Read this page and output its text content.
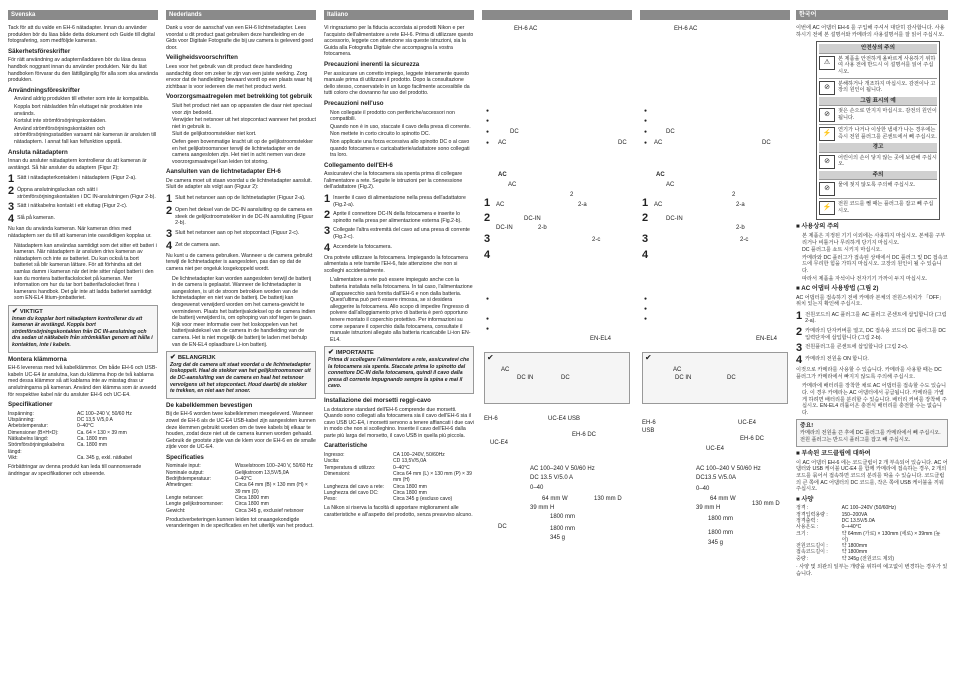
Svenska

Tack för att du valde en EH-6 nätadapter. Innan du använder produkten bör du läsa både detta dokument och Guide till digital fotografering, som medföljde kameran.

Säkerhetsföreskrifter

För rätt användning av adaptern/laddaren bör du läsa dessa handbok noggrant innan du använder produkten. När du läst handboken förvarar du den lättillgänglig för alla som ska använda produkten.

Användningsföreskrifter
• Använd aldrig produkten till etheter som inte är kompatibla.
• Koppla bort nätsladden från eluttaget när produkten inte används.
• Kortslut inte strömförsörjningskontakten.
• Använd strömförsörjningskontakten och strömförsörjningsstadden varsamt när kameran är ansluten till nätadaptern. I annat fall kan felfunktion uppstå.
Ansluta nätadaptern

Innan du ansluter nätadaptern kontrollerar du att kameran är avstängd. Så här ansluter du adaptern (Figur 2):

1 Sätt i nätadapterkontakten i nätadaptern (Figur 2-a).
2 Öppna anslutningsluckan och sätt i strömförsörjningskontakten i DC IN-anslutningen (Figur 2-b).
3 Sätt i nätkabelns kontakt i ett eluttag (Figur 2-c).
4 Slå på kameran.

Nu kan du använda kameran. När kameran drivs med nätadaptern ser du till att kameran inte oavsiktligen kopplas ur.

• Nätadaptern kan användas samtidigt som det sitter ett batteri i kameran. När nätadaptern är ansluten drivs kameran av nätadaptern och inte av batteriet. Du kan också ta bort batteriet så blir kameran lättare. För att förhindra att det samlas damm i kameran när det inte sitter något batteri i den kan du montera batterifackslocket på kameran. Mer information om hur du tar bort batterifackslocket finns i kamerans handbok. Det går inte att ladda batteriet samtidigt som EN-EL4 litium-jonbatteriet.
✔ VIKTIGT
Innan du kopplar bort nätadaptern kontrollerar du att kameran är avstängd. Koppla bort strömförsörjningskontakten från DC IN-anslutning och dra sedan ut nätkabeln från strömkällan genom att hålla i kontakten, inte i kabeln.
Montera klämmorna

EH-6 levereras med två kabelklämmor. Om både EH-6 och USB-kabeln UC-E4 är anslutna, kan du klämma ihop de två kablarna med dessa klämmor så att kablarna inte av misstag dras ur anslutningarna på kameran. Använd den klämma som är avsedd för respektive kabel när du ansluter EH-6 och UC-E4.

Specifikationer
Inspänning:	AC 100–240 V, 50/60 Hz
Utspänning:	DC 13,5 V/5,0 A
Arbetstemperatur:	0–40°C
Dimensioner (B×H×D):	Ca. 64 × 130 × 39 mm
Nätkabelns längd:	Ca. 1800 mm
Strömförsörjningskabelns längd:	Ca. 1800 mm
Vikt:	Ca. 345 g, exkl. nätkabel

Förbättringar av denna produkt kan leda till oannonserade ändringar av specifikationer och utseende.

Nederlands

Dank u voor de aanschaf van een EH-6 lichtnetadapter. Lees voordat u dit product gaat gebruiken deze handleiding en de Gids voor Digitale Fotografie die bij uw camera is geleverd goed door.

Veiligheidsvoorschriften

Lees voor het gebruik van dit product deze handleiding aandachtig door om zeker te zijn van een juiste werking. Zorg ervoor dat de handleiding bewaard wordt op een plaats waar hij zichtbaar is voor iedereen die met het product werkt.

Voorzorgsmaatregelen met betrekking tot gebruik
• Sluit het product niet aan op apparaten die daar niet speciaal voor zijn bedoeld.
• Verwijder het netsnoer uit het stopcontact wanneer het product niet in gebruik is.
• Sluit de gelijkstroomstekker niet kort.
• Oefen geen bovenmatige kracht uit op de gelijkstroomstekker en het gelijkstroomsnoer terwijl de lichtnetadapter en de camera aangesloten zijn. Het niet in acht nemen van deze voorzorgsmaatregel kan leiden tot storing.
Aansluiten van de lichtnetadapter EH-6

De camera moet uit staan voordat u de lichtnetadapter aansluit. Sluit de adapter als volgt aan (Figuur 2):

1 Sluit het netsnoer aan op de lichtnetadapter (Figuur 2-a).
2 Open het deksel van de DC-IN aansluiting op de camera en steek de gelijkstroomstekker in de DC-IN aansluiting (Figuur 2-b).
3 Sluit het netsnoer aan op het stopcontact (Figuur 2-c).
4 Zet de camera aan.

Nu kunt u de camera gebruiken. Wanneer u de camera gebruikt terwijl de lichtnetadapter is aangesloten, pas dan op dat de camera niet per ongeluk losgekoppeld wordt.

• De lichtnetadapter kan worden aangesloten terwijl de batterij in de camera is geplaatst. Wanneer de lichtnetadapter is aangesloten, is uit de stroom betrokken worden van de lichtnetadapter en niet van de batterij. De batterij kan desgewenst verwijderd worden om het camera-gewicht te verminderen. Plaats het batterijvakdeksel op de camera indien de batterij verwijderd is, om ophoping van stof tegen te gaan. Kijk voor meer informatie over het loskoppelen van het batterijvakdeksel van de camera in de handleiding van de camera. Het is niet mogelijk de batterij te laden met behulp van de EN-EL4 oplaadbare Li-ion batterij.
✔ BELANGRIJK
Zorg dat de camera uit staat voordat u de lichtnetadapter loskoppelt. Haal de stekker van het gelijkstroomsnoer uit de DC-aansluiting van de camera en haal het netsnoer vervolgens uit het stopcontact. Houd daarbij de stekker te trekken, en niet aan het snoer.
De kabelklemmen bevestigen

Bij de EH-6 worden twee kabelklemmen meegeleverd. Wanneer zowel de EH-6 als de UC-E4 USB-kabel zijn aangesloten kunnen deze klemmen gebruikt worden om de twee kabels bij elkaar te houden, zodat deze niet uit de camera kunnen worden gehaald. Gebruik de grootste zijde van de klem voor de EH-6 en de smalle zijde voor de UC-E4.

Specificaties
Nominale input:	Wisselstroom 100–240 V, 50/60 Hz
Nominale output:	Gelijkstroom 13,5V/5,0A
Bedrijfstemperatuur:	0–40°C
Afmetingen:	Circa 64 mm (B) × 130 mm (H) × 39 mm (D)
Lengte netsnoer:	Circa 1800 mm
Lengte gelijkstroomsnoer:	Circa 1800 mm
Gewicht:	Circa 345 g, exclusief netsnoer

Productverbeteringen kunnen leiden tot onaangekondigde veranderingen in de specificaties en het uiterlijk van het product.

Italiano

Vi ringraziamo per la fiducia accordata ai prodotti Nikon e per l'acquisto dell'alimentatore a rete EH-6. Prima di utilizzare questo accessorio, leggete con attenzione sia queste istruzioni, sia la Guida alla Fotografia Digitale che accompagna la vostra fotocamera.

Precauzioni inerenti la sicurezza

Per assicurare un corretto impiego, leggete interamente questo manuale prima di utilizzare il prodotto. Dopo la consultazione dello stesso, conservatelo in un luogo facilmente accessibile da tutti coloro che dovranno far uso del prodotto.

Precauzioni nell'uso
• Non collegate il prodotto con periferiche/accessori non compatibili.
• Quando non è in uso, staccate il cavo della presa di corrente.
• Non mettete in corto circuito lo spinotto DC.
• Non applicate una forza eccessiva allo spinotto DC o al cavo quando fotocamera e caricabatterie/adattatore sono collegati tra loro.
Collegamento dell'EH-6

Assicuratevi che la fotocamera sia spenta prima di collegare l'alimentatore a rete. Seguite le istruzioni per la connessione dell'adattatore (Fig.2).

1 Inserite il cavo di alimentazione nella presa dell'adattatore (Fig.2-a).
2 Aprite il connettore DC-IN della fotocamera e inserite lo spinotto nella presa per alimentazione esterna (Fig.2-b).
3 Collegate l'altra estremità del cavo ad una presa di corrente (Fig.2-c).
4 Accendete la fotocamera.

Ora potrete utilizzare la fotocamera. Impiegando la fotocamera alimentata a rete tramite l'EH-6, fate attenzione che non si scolleghi accidentalmente.

• L'alimentatore a rete può essere impiegato anche con la batteria installata nella fotocamera. In tal caso, l'alimentazione all'apparecchio sarà fornita dall'EH-6 e non dalla batteria. Quest'ultima può però essere rimossa, se si desidera alleggerire la fotocamera. Allo scopo di impedire l'ingresso di polvere dall'alloggiamento privo di batteria è però opportuno tenere montato il coperchio protettivo. Per informazioni su come separare il coperchio dalla fotocamera, consultate il manuale istruzioni allegato alla batteria ricaricabile Li-ion EN-EL4.
✔ IMPORTANTE
Prima di scollegare l'alimentatore a rete, assicuratevi che la fotocamera sia spenta. Staccate prima lo spinotto dal connettore DC-IN della fotocamera, quindi il cavo dalla presa di corrente impugnando sempre la spina e mai il cavo.
Installazione dei morsetti reggi-cavo

La dotazione standard dell'EH-6 comprende due morsetti. Quando sono collegati alla fotocamera sia il cavo dell'EH-6 sia il cavo USB UC-E4, i morsetti servono a tenere affiancati i due cavi in modo che non si scolleghino. Inserite il cavo dell'EH-6 dalla parte più larga del morsetto, il cavo USB in quella più piccola.

Caratteristiche
Ingresso:	CA 100–240V, 50/60Hz
Uscita:	CD 13,5V/5,0A
Temperatura di utilizzo:	0–40°C
Dimensioni:	Circa 64 mm (L) × 130 mm (P) × 39 mm (H)
Lunghezza del cavo a rete:	Circa 1800 mm
Lunghezza del cavo DC:	Circa 1800 mm
Peso:	Circa 345 g (escluso cavo)

La Nikon si riserva la facoltà di apportare migliorament alle caratteristiche e all'aspetto del prodotto, senza preavviso alcuno.

EH-6 AC
●
●
●	DC
● AC	DC
AC
AC
2
1 AC	2-a
2	DC-IN
DC-IN	2-b
3	2-c
4
●
●
●
EN-EL4
✔
AC
DC IN	DC
EH-6	UC-E4 USB
EH-6 DC
UC-E4
AC 100–240 V 50/60 Hz
DC 13.5 V/5.0 A
0–40
64 mm W	130 mm D
39 mm H
1800 mm
DC	1800 mm
345 g

EH-6 AC
●
●
●	DC
● AC	DC
AC
AC
2
1 AC	2-a
2	DC-IN
2-b
3	2-c
4
●
●
●
EN-EL4
✔
AC
DC IN	DC
EH-6	UC-E4
USB
EH-6 DC
UC-E4
AC 100–240 V 50/60 Hz
DC13.5 V/5.0A
0–40
64 mm W
130 mm D
39 mm H
1800 mm
1800 mm
345 g
한국어

이번에 AC 어댑터 EH-6 를 구입해 주셔서 대단히 감사합니다. 사용하시기 전에 본 설명서와 카메라의 사용설명서를 잘 읽어 주십시오.

안전상의 주의
⚠	본 제품을 안전하게 올바르게 사용하기 위하여 사용 전에 반드시 이 설명서를 읽어 주십시오.
⊘	분해하거나 개조하지 마십시오. 감전이나 고장의 원인이 됩니다.
그림 표시의 예
⊘	젖은 손으로 만지지 마십시오. 감전의 원인이 됩니다.
⚡	연기가 나거나 이상한 냄새가 나는 경우에는 즉시 전원 플러그를 콘센트에서 빼 주십시오.
경고
⊘	어린이의 손이 닿지 않는 곳에 보관해 주십시오.
주의
⊘	물에 젖지 않도록 주의해 주십시오.
⚡	전원 코드를 뺄 때는 플러그를 잡고 빼 주십시오.
■ 사용상의 주의
• 본 제품은 지정된 기기 이외에는 사용하지 마십시오. 본체를 구부리거나 비틀거나 무리하게 당기지 마십시오.
• DC 플러그를 쇼트 시키지 마십시오.
• 카메라와 DC 플러그가 접속된 상태에서 DC 플러그 및 DC 접속코드에 무리한 힘을 가하지 마십시오. 고장의 원인이 될 수 있습니다.
• 따라서 제품을 자석이나 전자기기 가까이 두지 마십시오.
■ AC 어댑터 사용방법 (그림 2)

AC 어댑터를 접속하기 전에 카메라 본체의 전원스위치가 「OFF」위치 있는지 확인해 주십시오.

1 전원코드의 AC 플러그를 AC 플러그 콘센트에 삽입합니다 (그림 2-a).
2 카메라의 단자커버를 열고, DC 접속용 코드의 DC 플러그를 DC 입력단자에 삽입합니다 (그림 2-b).
3 전원플러그를 콘센트에 삽입합니다 (그림 2-c).
4 카메라의 전원을 ON 합니다.

이것으로 카메라를 사용할 수 있습니다. 카메라를 사용할 때는 DC 플러그가 카메라에서 빠지지 않도록 주의해 주십시오.

• 카메라에 배터리를 장착한 채로 AC 어댑터를 접속할 수도 있습니다. 이 경우 카메라는 AC 어댑터에서 공급됩니다. 카메라를 가볍게 하려면 배터리를 분리할 수 있습니다. 배터리 커버를 장착해 주십시오. EN-EL4 리튬이온 충전식 배터리를 충전할 수는 없습니다.
중요!
카메라의 전원을 끈 후에 DC 플러그를 카메라에서 빼 주십시오. 전원 플러그는 반드시 플러그를 잡고 빼 주십시오.
■ 부속된 코드클립에 대하여

이 AC 어댑터 EH-6 에는 코드클립이 2 개 부속되어 있습니다. AC 어댑터와 USB 케이블 UC-E4 를 함께 카메라에 접속하는 경우, 2 개의 코드를 묶어서 접속하면 코드의 분리를 막을 수 있습니다. 코드클립의 큰 쪽에 AC 어댑터의 DC 코드를, 작은 쪽에 USB 케이블을 끼워 주십시오.

■ 사양
정격 :	AC 100–240V (50/60Hz)
정격입력용량 :	150–200VA
정격출력 :	DC 13.5V/5.0A
사용온도 :	0–+40°C
크기 :	약 64mm (가로) × 130mm (세로) × 39mm (높이)
전원코드길이 :	약 1800mm
접속코드길이 :	약 1800mm
중량 :	약 345g (전원코드 제외)

· 사양 및 외관의 일부는 개량을 위하여 예고없이 변경하는 경우가 있습니다.
